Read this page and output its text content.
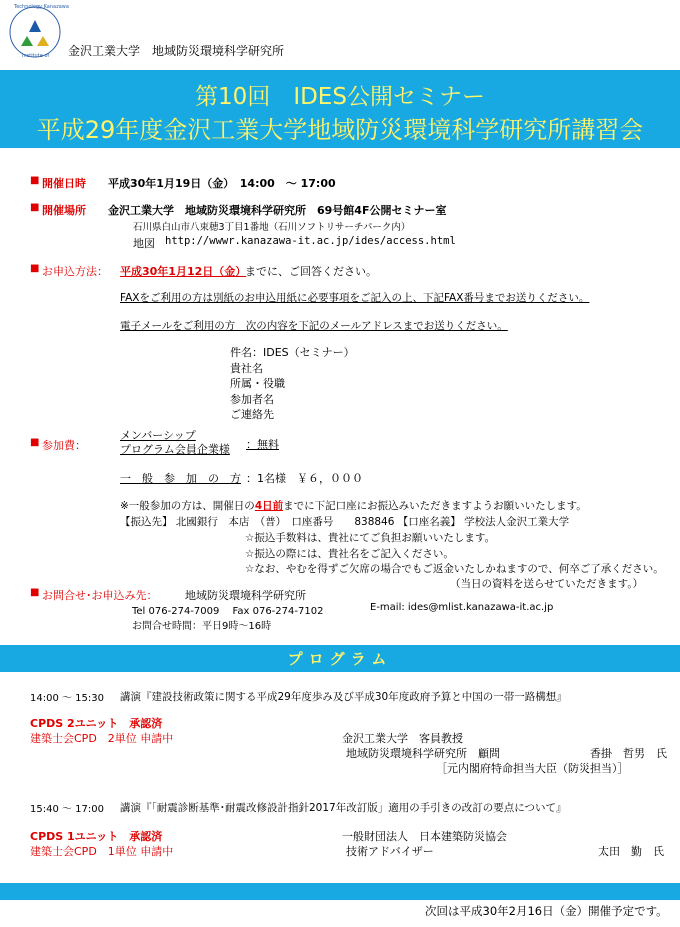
Technology Kanazawa
Institute of 金沢工業大学　地域防災環境科学研究所
第10回　IDES公開セミナー
平成29年度金沢工業大学地域防災環境科学研究所講習会
■ 開催日時 平成30年1月19日（金）　14:00　～ 17:00
■ 開催場所 金沢工業大学　地域防災環境科学研究所　69号館4F公開セミナー室
石川県白山市八束穂3丁目1番地（石川ソフトリサーチパーク内）
地図 http://wwwr.kanazawa-it.ac.jp/ides/access.html
■ お申込方法： 平成30年1月12日（金）
までに、ご回答ください。
FAXをご利用の方は別紙のお申込用紙に必要事項をご記入の上、下記FAX番号までお送りください。
電子メールをご利用の方　次の内容を下記のメールアドレスまでお送りください。
件名：IDES（セミナー）
貴社名
所属・役職
参加者名
ご連絡先
■ 参加費：
メンバーシップ
プログラム会員企業様 ：無料
一　般　参　加　の　方 ：1名様　￥６，０００
※一般参加の方は、開催日の4日前までに下記口座にお振込みいただきますようお願いいたします。
【振込先】 北國銀行　本店　（普）　口座番号　　838846 【口座名義】 学校法人金沢工業大学
☆振込手数料は、貴社にてご負担お願いいたします。
☆振込の際には、貴社名をご記入ください。
☆なお、やむを得ずご欠席の場合でもご返金いたしかねますので、何卒ご了承ください。
（当日の資料を送らせていただきます。）
■ お問合せ･お申込み先：	地域防災環境科学研究所
Tel 076-274-7009　 Fax 076-274-7102	E-mail: ides@mlist.kanazawa-it.ac.jp
お問合せ時間：平日9時～16時
プログラム
14:00 ～ 15:30 講演『建設技術政策に関する平成29年度歩み及び平成30年度政府予算と中国の一帯一路構想』
CPDS 2ユニット　承認済
建築士会CPD　2単位 申請中	金沢工業大学　客員教授
地域防災環境科学研究所　顧問	香掛　哲男　氏
［元内閣府特命担当大臣（防災担当）］
15:40 ～ 17:00 講演『「耐震診断基準･耐震改修設計指針2017年改訂版」適用の手引きの改訂の要点について』
CPDS 1ユニット　承認済	一般財団法人　日本建築防災協会
建築士会CPD　1単位 申請中	技術アドバイザー	太田　勤　氏
次回は平成30年2月16日（金）開催予定です。
